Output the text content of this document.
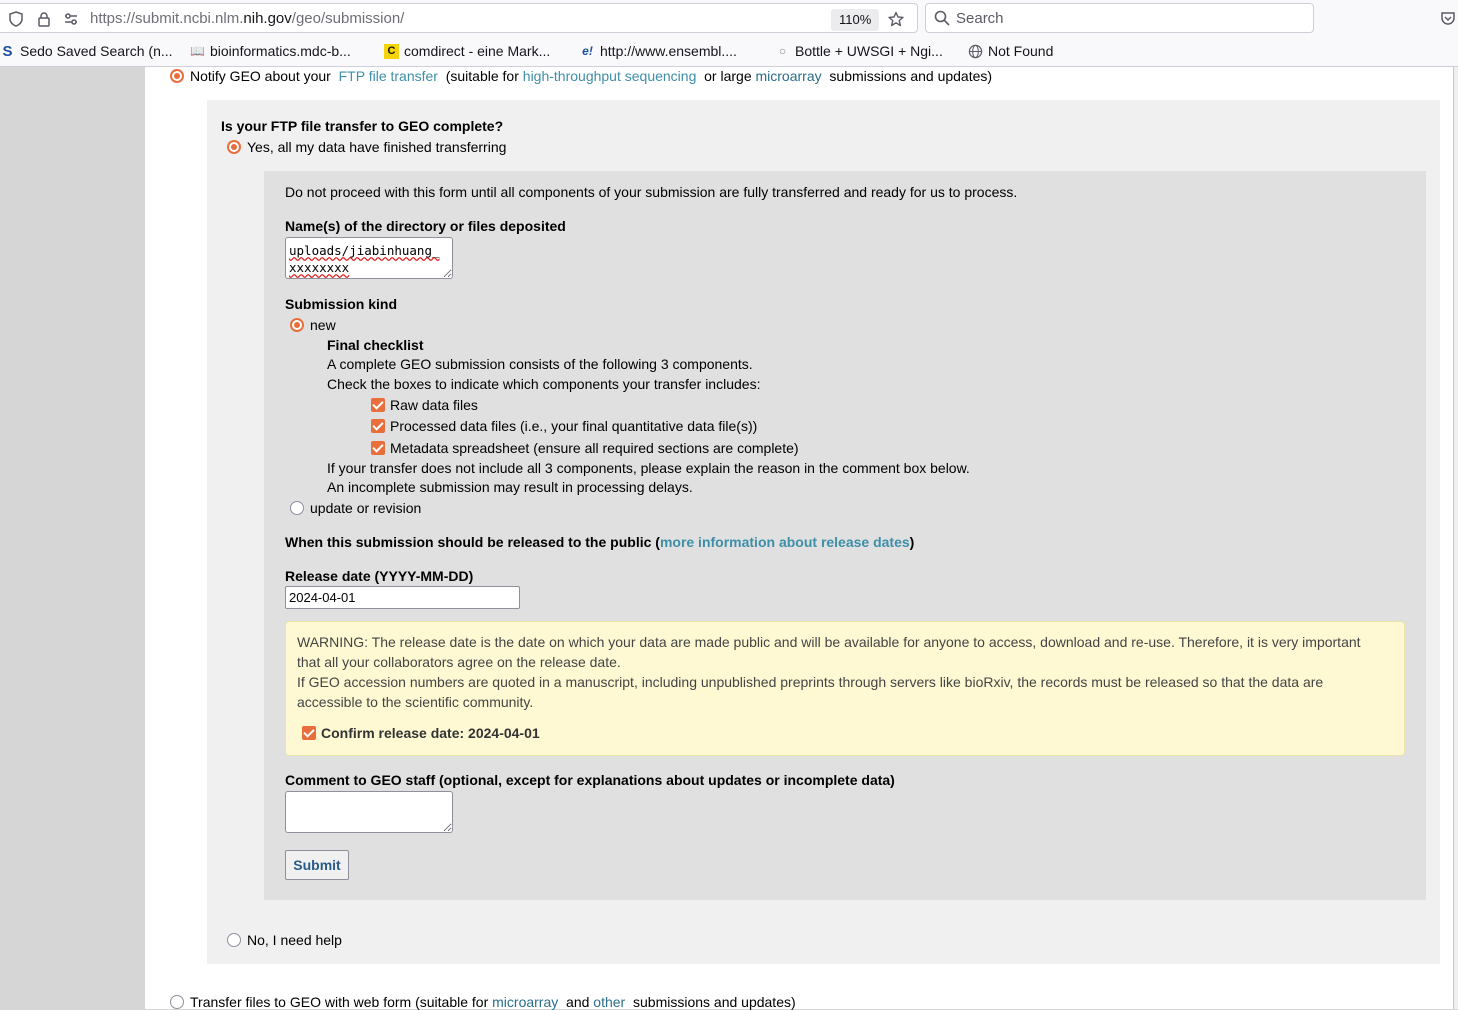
https://submit.ncbi.nlm.nih.gov/geo/submission/	110%	Search
S Sedo Saved Search (n... 📖 bioinformatics.mdc-b...	C comdirect - eine Mark...	e! http://www.ensembl....	○ Bottle + UWSGI + Ngi...	Not Found
Notify GEO about your  FTP file transfer  (suitable for high-throughput sequencing  or large microarray  submissions and updates)
Is your FTP file transfer to GEO complete?
Yes, all my data have finished transferring
No, I need help
Do not proceed with this form until all components of your submission are fully transferred and ready for us to process.
Name(s) of the directory or files deposited
uploads/jiabinhuang_ xxxxxxxx
Submission kind
new
Final checklist
A complete GEO submission consists of the following 3 components.
Check the boxes to indicate which components your transfer includes:
Raw data files
Processed data files (i.e., your final quantitative data file(s))
Metadata spreadsheet (ensure all required sections are complete)
If your transfer does not include all 3 components, please explain the reason in the comment box below.
An incomplete submission may result in processing delays.
update or revision
When this submission should be released to the public ( more information about release dates )
Release date (YYYY-MM-DD)
2024-04-01
WARNING: The release date is the date on which your data are made public and will be available for anyone to access, download and re-use. Therefore, it is very important
that all your collaborators agree on the release date.
If GEO accession numbers are quoted in a manuscript, including unpublished preprints through servers like bioRxiv, the records must be released so that the data are
accessible to the scientific community.
Confirm release date: 2024-04-01
Comment to GEO staff (optional, except for explanations about updates or incomplete data)
Submit
Transfer files to GEO with web form (suitable for microarray  and other  submissions and updates)
